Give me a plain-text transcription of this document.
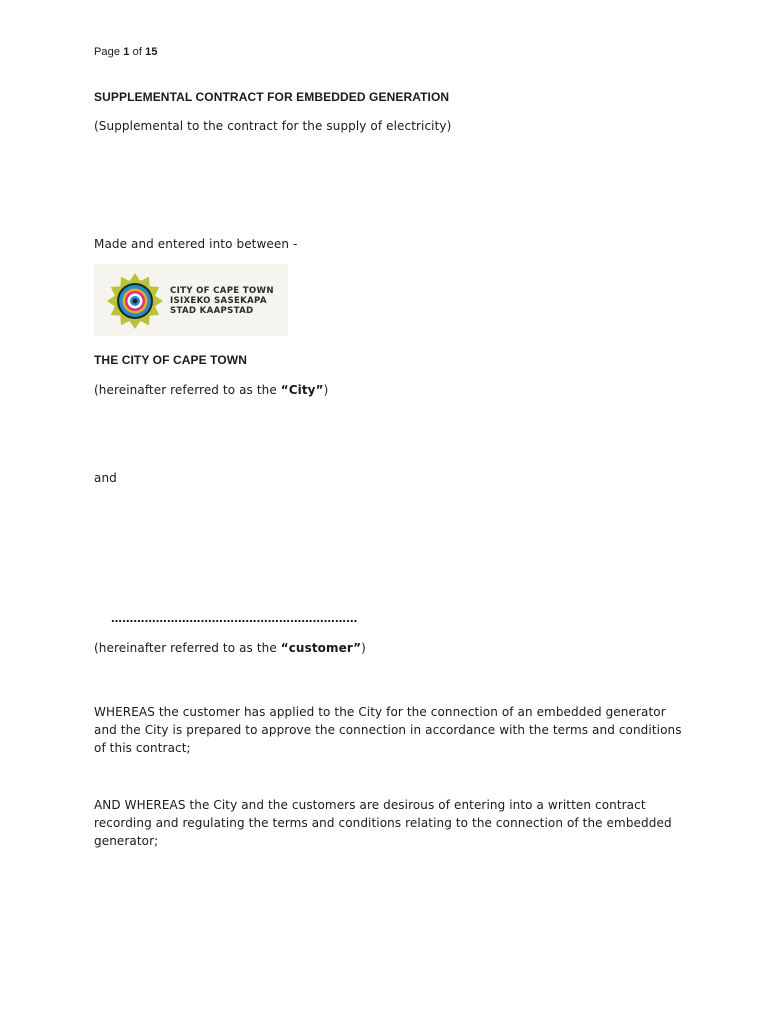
Page 1 of 15
SUPPLEMENTAL CONTRACT FOR EMBEDDED GENERATION
(Supplemental to the contract for the supply of electricity)
Made and entered into between -
CITY OF CAPE TOWN
ISIXEKO SASEKAPA
STAD KAAPSTAD
THE CITY OF CAPE TOWN
(hereinafter referred to as the “City”)
and
…………………………………………………………
(hereinafter referred to as the “customer”)
WHEREAS the customer has applied to the City for the connection of an embedded generator and the City is prepared to approve the connection in accordance with the terms and conditions of this contract;
AND WHEREAS the City and the customers are desirous of entering into a written contract recording and regulating the terms and conditions relating to the connection of the embedded generator;
